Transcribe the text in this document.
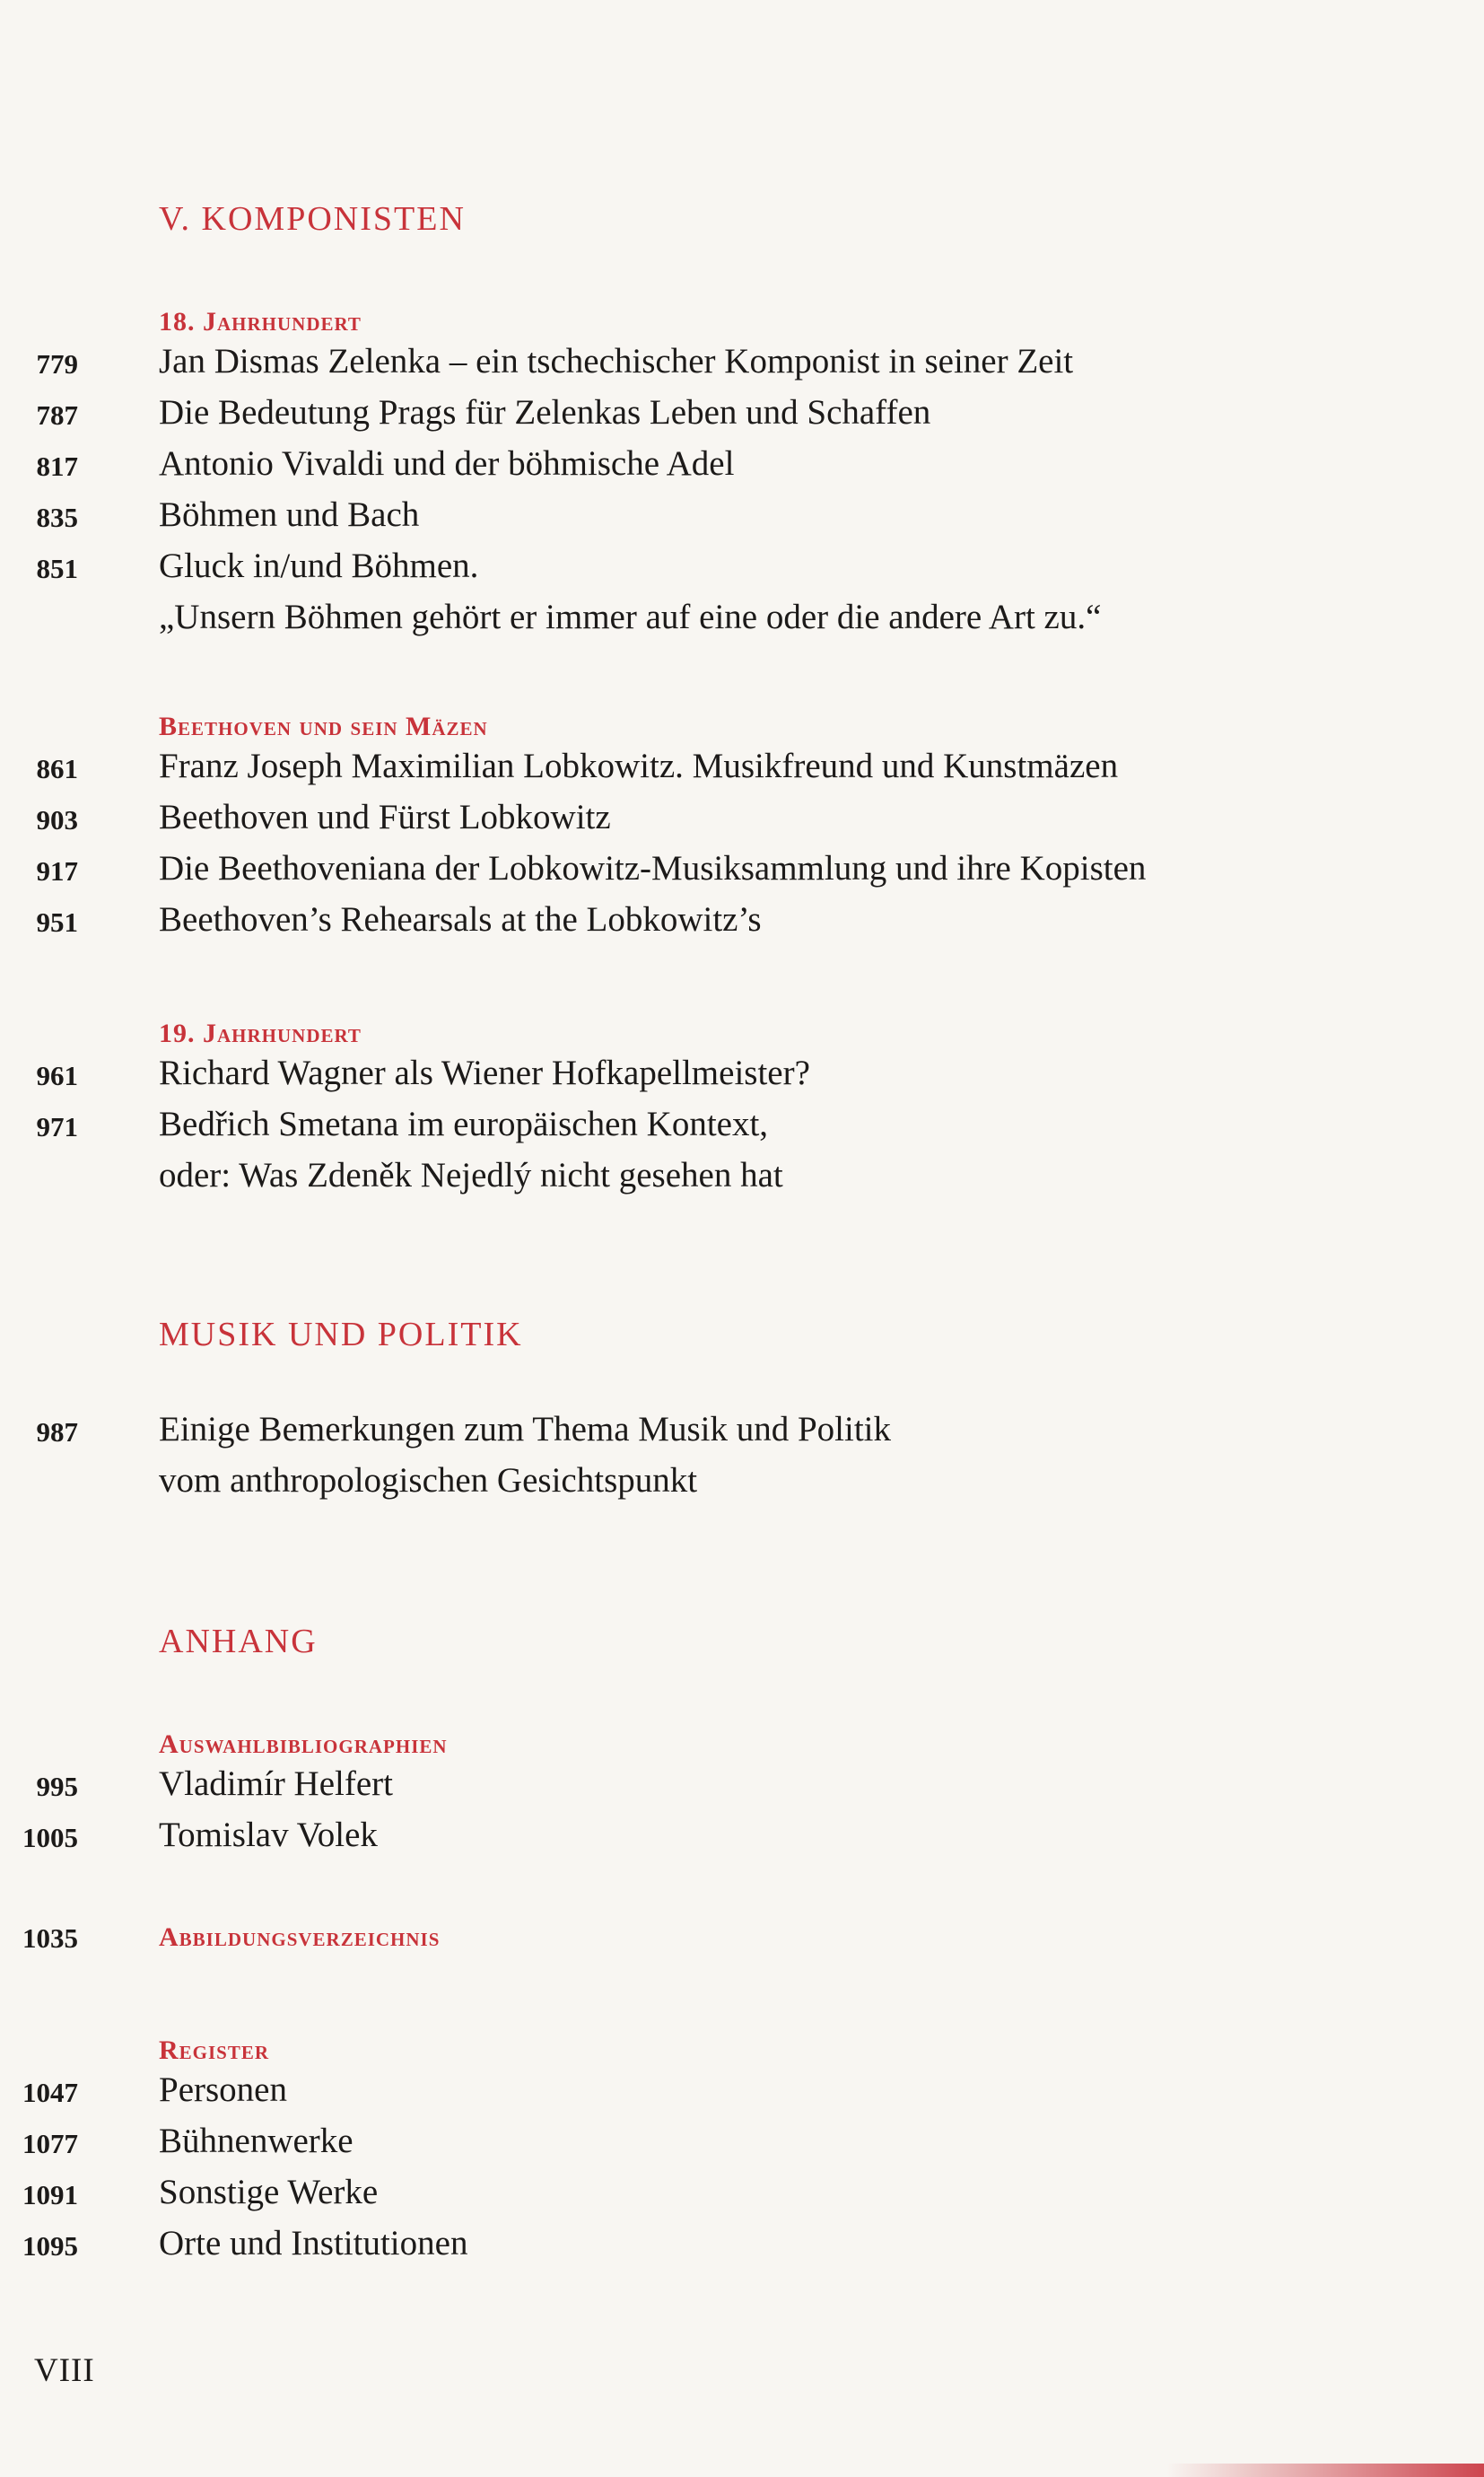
V. KOMPONISTEN
18. Jahrhundert
779 Jan Dismas Zelenka – ein tschechischer Komponist in seiner Zeit
787 Die Bedeutung Prags für Zelenkas Leben und Schaffen
817 Antonio Vivaldi und der böhmische Adel
835 Böhmen und Bach
851 Gluck in/und Böhmen.
„Unsern Böhmen gehört er immer auf eine oder die andere Art zu.“
Beethoven und sein Mäzen
861 Franz Joseph Maximilian Lobkowitz. Musikfreund und Kunstmäzen
903 Beethoven und Fürst Lobkowitz
917 Die Beethoveniana der Lobkowitz-Musiksammlung und ihre Kopisten
951 Beethoven’s Rehearsals at the Lobkowitz’s
19. Jahrhundert
961 Richard Wagner als Wiener Hofkapellmeister?
971 Bedřich Smetana im europäischen Kontext,
oder: Was Zdeněk Nejedlý nicht gesehen hat
MUSIK UND POLITIK
987 Einige Bemerkungen zum Thema Musik und Politik
vom anthropologischen Gesichtspunkt
ANHANG
Auswahlbibliographien
995 Vladimír Helfert
1005 Tomislav Volek
1035	Abbildungsverzeichnis
Register
1047 Personen
1077 Bühnenwerke
1091 Sonstige Werke
1095 Orte und Institutionen
VIII
